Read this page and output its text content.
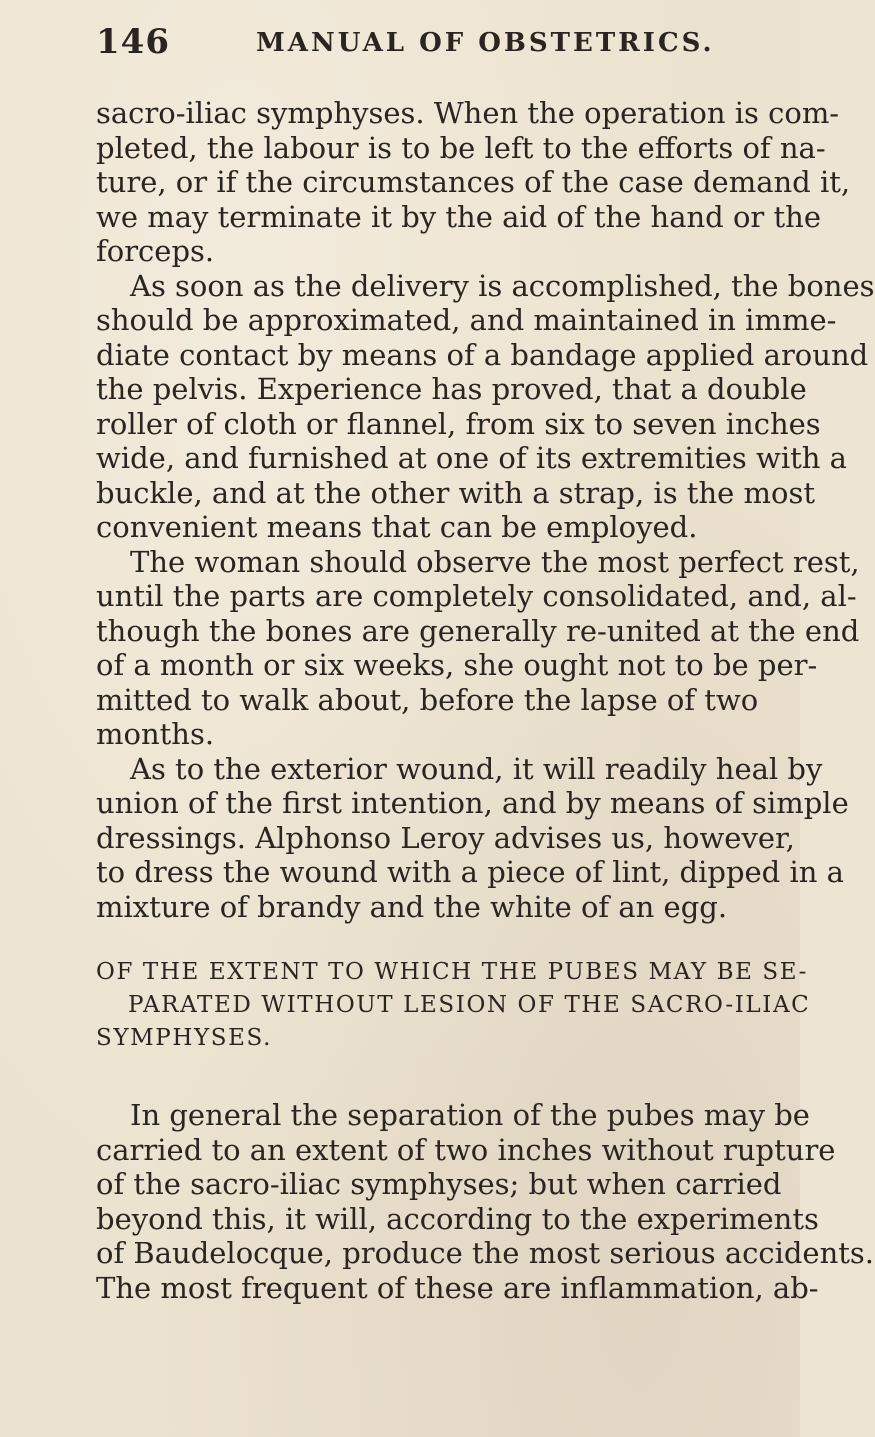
146	MANUAL OF OBSTETRICS.
sacro-iliac symphyses. When the operation is com-
pleted, the labour is to be left to the efforts of na-
ture, or if the circumstances of the case demand it,
we may terminate it by the aid of the hand or the
forceps.
As soon as the delivery is accomplished, the bones
should be approximated, and maintained in imme-
diate contact by means of a bandage applied around
the pelvis. Experience has proved, that a double
roller of cloth or flannel, from six to seven inches
wide, and furnished at one of its extremities with a
buckle, and at the other with a strap, is the most
convenient means that can be employed.
The woman should observe the most perfect rest,
until the parts are completely consolidated, and, al-
though the bones are generally re-united at the end
of a month or six weeks, she ought not to be per-
mitted to walk about, before the lapse of two
months.
As to the exterior wound, it will readily heal by
union of the first intention, and by means of simple
dressings. Alphonso Leroy advises us, however,
to dress the wound with a piece of lint, dipped in a
mixture of brandy and the white of an egg.
OF THE EXTENT TO WHICH THE PUBES MAY BE SE-
PARATED WITHOUT LESION OF THE SACRO-ILIAC
SYMPHYSES.
In general the separation of the pubes may be
carried to an extent of two inches without rupture
of the sacro-iliac symphyses; but when carried
beyond this, it will, according to the experiments
of Baudelocque, produce the most serious accidents.
The most frequent of these are inflammation, ab-
